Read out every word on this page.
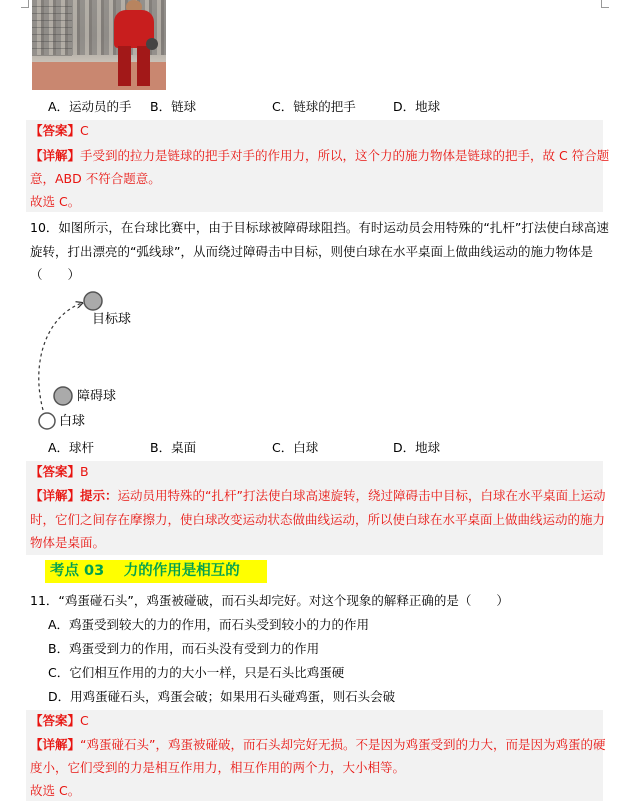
A．运动员的手 B．链球	C．链球的把手	D．地球
【答案】C
【详解】手受到的拉力是链球的把手对手的作用力，所以，这个力的施力物体是链球的把手，故 C 符合题
意，ABD 不符合题意。
故选 C。
10．如图所示，在台球比赛中，由于目标球被障碍球阻挡。有时运动员会用特殊的“扎杆”打法使白球高速
旋转，打出漂亮的“弧线球”，从而绕过障碍击中目标，则使白球在水平桌面上做曲线运动的施力物体是
（　　）
目标球
障碍球
白球
A．球杆	B．桌面	C．白球	D．地球
【答案】B
【详解】提示：运动员用特殊的“扎杆”打法使白球高速旋转，绕过障碍击中目标，白球在水平桌面上运动
时，它们之间存在摩擦力，使白球改变运动状态做曲线运动，所以使白球在水平桌面上做曲线运动的施力
物体是桌面。
考点 03　 力的作用是相互的
11．“鸡蛋碰石头”，鸡蛋被碰破，而石头却完好。对这个现象的解释正确的是（　　）
A．鸡蛋受到较大的力的作用，而石头受到较小的力的作用
B．鸡蛋受到力的作用，而石头没有受到力的作用
C．它们相互作用的力的大小一样，只是石头比鸡蛋硬
D．用鸡蛋碰石头，鸡蛋会破；如果用石头碰鸡蛋，则石头会破
【答案】C
【详解】“鸡蛋碰石头”，鸡蛋被碰破，而石头却完好无损。不是因为鸡蛋受到的力大，而是因为鸡蛋的硬
度小，它们受到的力是相互作用力，相互作用的两个力，大小相等。
故选 C。
